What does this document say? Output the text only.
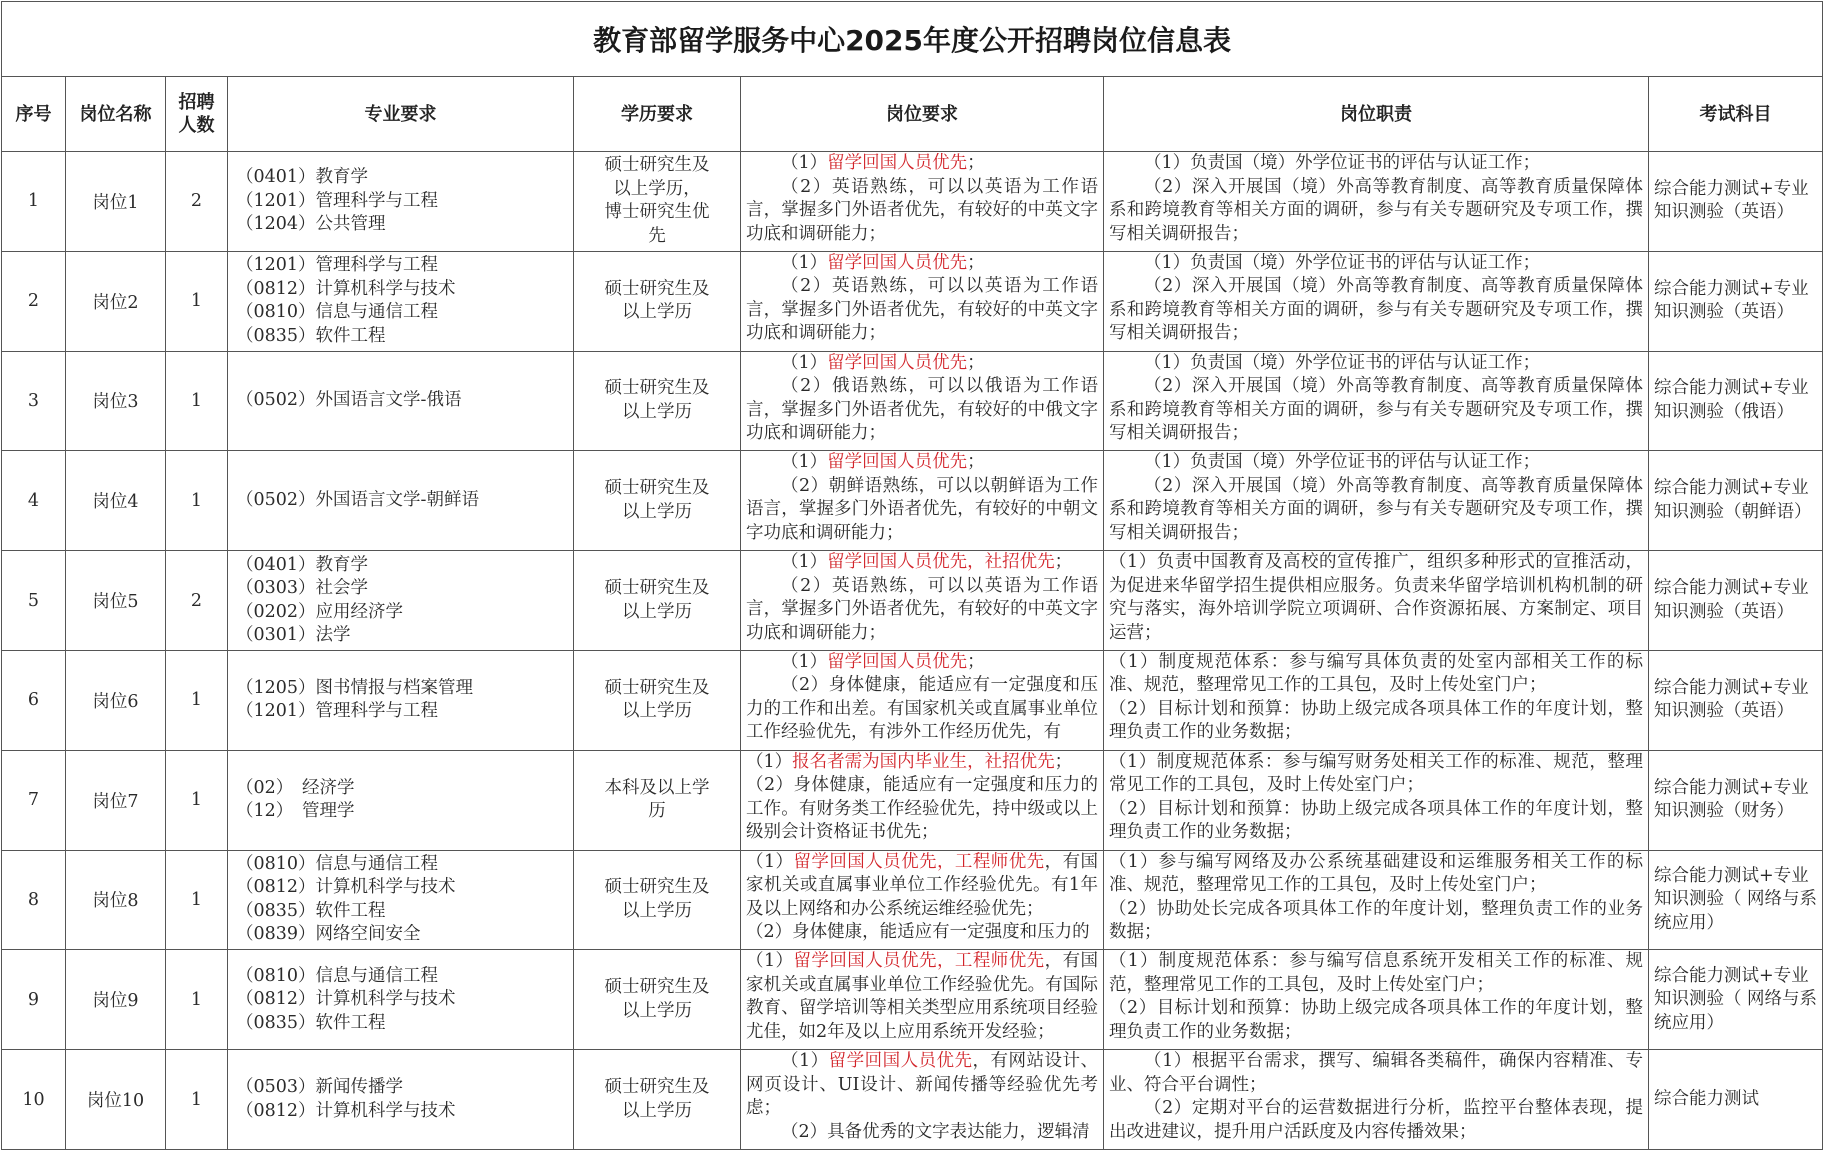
教育部留学服务中心2025年度公开招聘岗位信息表							
序号	岗位名称	招聘
人数	专业要求	学历要求	岗位要求	岗位职责	考试科目
1	岗位1	2	（0401）教育学
（1201）管理科学与工程
（1204）公共管理	硕士研究生及
以上学历，
博士研究生优
先	（1）留学回国人员优先；
（2）英语熟练，可以以英语为工作语言，掌握多门外语者优先，有较好的中英文字功底和调研能力；	（1）负责国（境）外学位证书的评估与认证工作；
（2）深入开展国（境）外高等教育制度、高等教育质量保障体系和跨境教育等相关方面的调研，参与有关专题研究及专项工作，撰写相关调研报告；	综合能力测试+专业知识测验（英语）
2	岗位2	1	（1201）管理科学与工程
（0812）计算机科学与技术
（0810）信息与通信工程
（0835）软件工程	硕士研究生及
以上学历	（1）留学回国人员优先；
（2）英语熟练，可以以英语为工作语言，掌握多门外语者优先，有较好的中英文字功底和调研能力；	（1）负责国（境）外学位证书的评估与认证工作；
（2）深入开展国（境）外高等教育制度、高等教育质量保障体系和跨境教育等相关方面的调研，参与有关专题研究及专项工作，撰写相关调研报告；	综合能力测试+专业知识测验（英语）
3	岗位3	1	（0502）外国语言文学-俄语	硕士研究生及
以上学历	（1）留学回国人员优先；
（2）俄语熟练，可以以俄语为工作语言，掌握多门外语者优先，有较好的中俄文字功底和调研能力；	（1）负责国（境）外学位证书的评估与认证工作；
（2）深入开展国（境）外高等教育制度、高等教育质量保障体系和跨境教育等相关方面的调研，参与有关专题研究及专项工作，撰写相关调研报告；	综合能力测试+专业知识测验（俄语）
4	岗位4	1	（0502）外国语言文学-朝鲜语	硕士研究生及
以上学历	（1）留学回国人员优先；
（2）朝鲜语熟练，可以以朝鲜语为工作语言，掌握多门外语者优先，有较好的中朝文字功底和调研能力；	（1）负责国（境）外学位证书的评估与认证工作；
（2）深入开展国（境）外高等教育制度、高等教育质量保障体系和跨境教育等相关方面的调研，参与有关专题研究及专项工作，撰写相关调研报告；	综合能力测试+专业知识测验（朝鲜语）
5	岗位5	2	（0401）教育学
（0303）社会学
（0202）应用经济学
（0301）法学	硕士研究生及
以上学历	（1）留学回国人员优先，社招优先；
（2）英语熟练，可以以英语为工作语言，掌握多门外语者优先，有较好的中英文字功底和调研能力；	（1）负责中国教育及高校的宣传推广，组织多种形式的宣推活动，为促进来华留学招生提供相应服务。负责来华留学培训机构机制的研究与落实，海外培训学院立项调研、合作资源拓展、方案制定、项目运营；	综合能力测试+专业知识测验（英语）
6	岗位6	1	（1205）图书情报与档案管理
（1201）管理科学与工程	硕士研究生及
以上学历	（1）留学回国人员优先；
（2）身体健康，能适应有一定强度和压力的工作和出差。有国家机关或直属事业单位工作经验优先，有涉外工作经历优先，有	（1）制度规范体系：参与编写具体负责的处室内部相关工作的标准、规范，整理常见工作的工具包，及时上传处室门户；
（2）目标计划和预算：协助上级完成各项具体工作的年度计划，整理负责工作的业务数据；	综合能力测试+专业知识测验（英语）
7	岗位7	1	（02）　经济学
（12）　管理学	本科及以上学
历	（1）报名者需为国内毕业生，社招优先；
（2）身体健康，能适应有一定强度和压力的工作。有财务类工作经验优先，持中级或以上级别会计资格证书优先；	（1）制度规范体系：参与编写财务处相关工作的标准、规范，整理常见工作的工具包，及时上传处室门户；
（2）目标计划和预算：协助上级完成各项具体工作的年度计划，整理负责工作的业务数据；	综合能力测试+专业知识测验（财务）
8	岗位8	1	（0810）信息与通信工程
（0812）计算机科学与技术
（0835）软件工程
（0839）网络空间安全	硕士研究生及
以上学历	（1）留学回国人员优先，工程师优先，有国家机关或直属事业单位工作经验优先。有1年及以上网络和办公系统运维经验优先；
（2）身体健康，能适应有一定强度和压力的	（1）参与编写网络及办公系统基础建设和运维服务相关工作的标准、规范，整理常见工作的工具包，及时上传处室门户；
（2）协助处长完成各项具体工作的年度计划，整理负责工作的业务数据；	综合能力测试+专业知识测验（ 网络与系统应用）
9	岗位9	1	（0810）信息与通信工程
（0812）计算机科学与技术
（0835）软件工程	硕士研究生及
以上学历	（1）留学回国人员优先，工程师优先，有国家机关或直属事业单位工作经验优先。有国际教育、留学培训等相关类型应用系统项目经验尤佳，如2年及以上应用系统开发经验；	（1）制度规范体系：参与编写信息系统开发相关工作的标准、规范，整理常见工作的工具包，及时上传处室门户；
（2）目标计划和预算：协助上级完成各项具体工作的年度计划，整理负责工作的业务数据；	综合能力测试+专业知识测验（ 网络与系统应用）
10	岗位10	1	（0503）新闻传播学
（0812）计算机科学与技术	硕士研究生及
以上学历	（1）留学回国人员优先，有网站设计、网页设计、UI设计、新闻传播等经验优先考虑；
（2）具备优秀的文字表达能力，逻辑清	（1）根据平台需求，撰写、编辑各类稿件，确保内容精准、专业、符合平台调性；
（2）定期对平台的运营数据进行分析，监控平台整体表现，提出改进建议，提升用户活跃度及内容传播效果；	综合能力测试
